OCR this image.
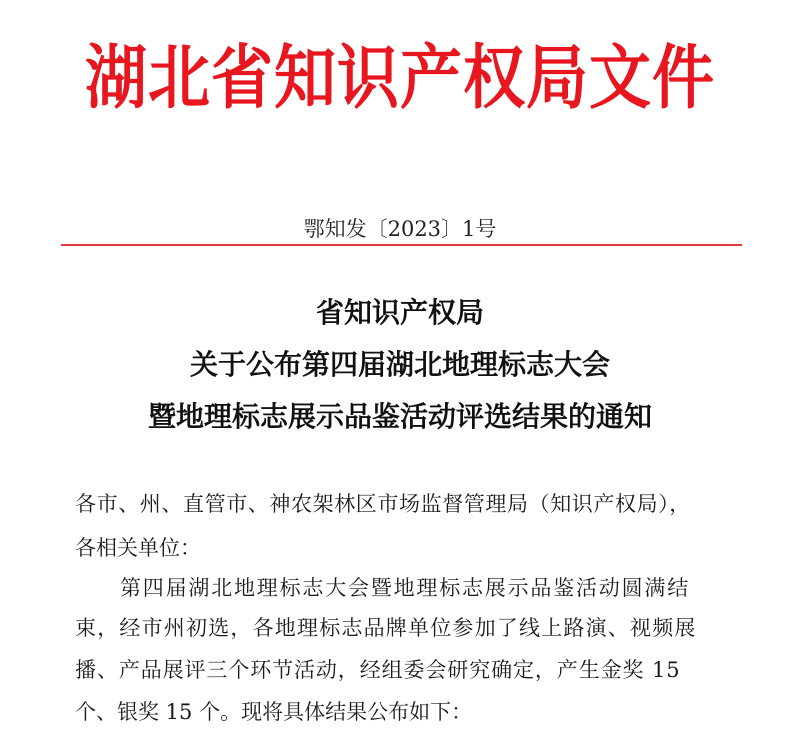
湖北省知识产权局文件
鄂知发〔2023〕1号
省知识产权局
关于公布第四届湖北地理标志大会
暨地理标志展示品鉴活动评选结果的通知
各市、州、直管市、神农架林区市场监督管理局（知识产权局），
各相关单位：
第四届湖北地理标志大会暨地理标志展示品鉴活动圆满结
束，经市州初选，各地理标志品牌单位参加了线上路演、视频展
播、产品展评三个环节活动，经组委会研究确定，产生金奖 15
个、银奖 15 个。现将具体结果公布如下：
